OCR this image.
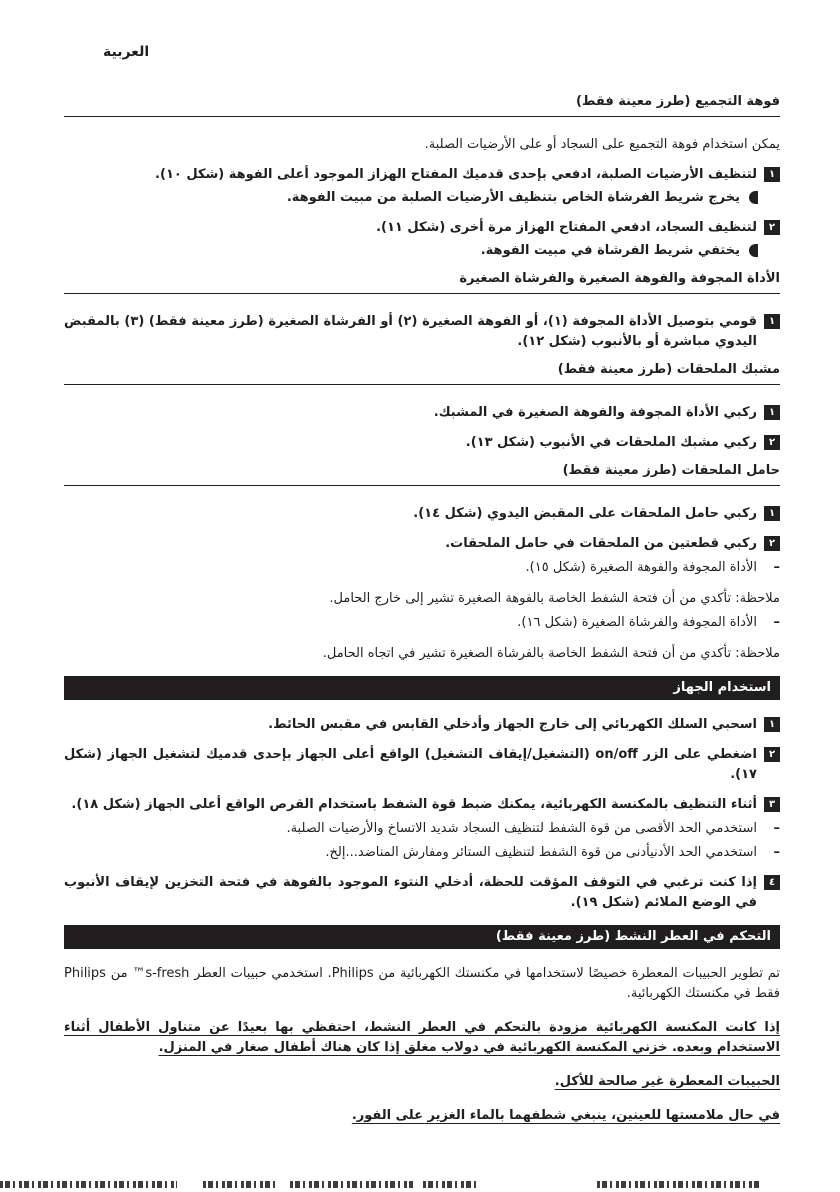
العربية
فوهة التجميع (طرز معينة فقط)

يمكن استخدام فوهة التجميع على السجاد أو على الأرضيات الصلبة.

١
لتنظيف الأرضيات الصلبة، ادفعي بإحدى قدميك المفتاح الهزاز الموجود أعلى الفوهة (شكل ١٠).
يخرج شريط الفرشاة الخاص بتنظيف الأرضيات الصلبة من مبيت الفوهة.
٢
لتنظيف السجاد، ادفعي المفتاح الهزاز مرة أخرى (شكل ١١).
يختفي شريط الفرشاة في مبيت الفوهة.
الأداة المجوفة والفوهة الصغيرة والفرشاة الصغيرة
١
قومي بتوصيل الأداة المجوفة (١)، أو الفوهة الصغيرة (٢) أو الفرشاة الصغيرة (طرز معينة فقط) (٣) بالمقبض اليدوي مباشرة أو بالأنبوب (شكل ١٢).
مشبك الملحقات (طرز معينة فقط)
١
ركبي الأداة المجوفة والفوهة الصغيرة في المشبك.
٢
ركبي مشبك الملحقات في الأنبوب (شكل ١٣).
حامل الملحقات (طرز معينة فقط)
١
ركبي حامل الملحقات على المقبض اليدوي (شكل ١٤).
٢
ركبي قطعتين من الملحقات في حامل الملحقات.
–
الأداة المجوفة والفوهة الصغيرة (شكل ١٥).

ملاحظة: تأكدي من أن فتحة الشفط الخاصة بالفوهة الصغيرة تشير إلى خارج الحامل.

–
الأداة المجوفة والفرشاة الصغيرة (شكل ١٦).

ملاحظة: تأكدي من أن فتحة الشفط الخاصة بالفرشاة الصغيرة تشير في اتجاه الحامل.

استخدام الجهاز
١
اسحبي السلك الكهربائي إلى خارج الجهاز وأدخلي القابس في مقبس الحائط.
٢
اضغطي على الزر on/off (التشغيل/إيقاف التشغيل) الواقع أعلى الجهاز بإحدى قدميك لتشغيل الجهاز (شكل ١٧).
٣
أثناء التنظيف بالمكنسة الكهربائية، يمكنك ضبط قوة الشفط باستخدام القرص الواقع أعلى الجهاز (شكل ١٨).
–
استخدمي الحد الأقصى من قوة الشفط لتنظيف السجاد شديد الاتساخ والأرضيات الصلبة.
–
استخدمي الحد الأدنيأدنى من قوة الشفط لتنظيف الستائر ومفارش المناضد...إلخ.
٤
إذا كنت ترغبي في التوقف المؤقت للحظة، أدخلي النتوء الموجود بالفوهة في فتحة التخزين لإيقاف الأنبوب في الوضع الملائم (شكل ١٩).
التحكم في العطر النشط (طرز معينة فقط)

تم تطوير الحبيبات المعطرة خصيصًا لاستخدامها في مكنستك الكهربائية من Philips. استخدمي حبيبات العطر s-fresh™ من Philips فقط في مكنستك الكهربائية.

إذا كانت المكنسة الكهربائية مزودة بالتحكم في العطر النشط، احتفظي بها بعيدًا عن متناول الأطفال أثناء الاستخدام وبعده. خزني المكنسة الكهربائية في دولاب مغلق إذا كان هناك أطفال صغار في المنزل.

الحبيبات المعطرة غير صالحة للأكل.

في حال ملامستها للعينين، ينبغي شطفهما بالماء الغزير على الفور.
